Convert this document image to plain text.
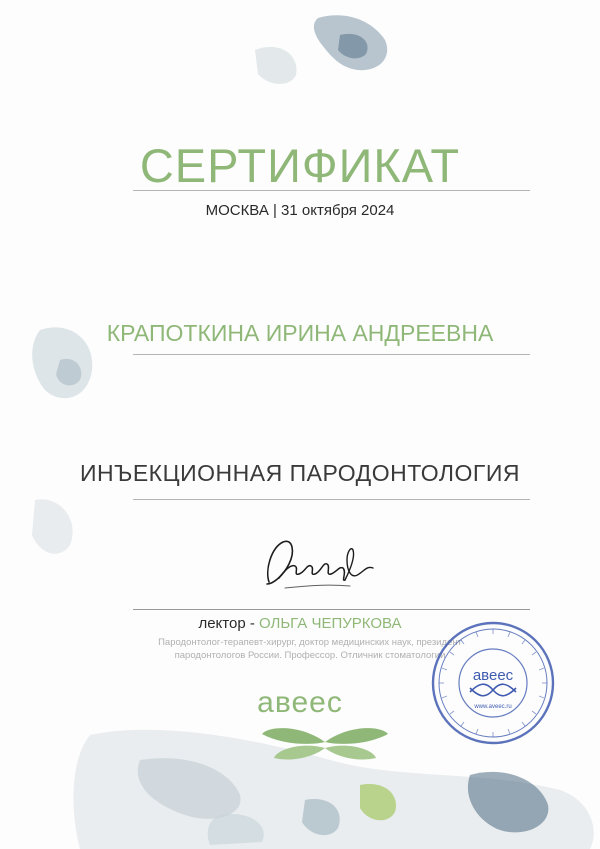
СЕРТИФИКАТ
МОСКВА | 31 октября 2024
КРАПОТКИНА ИРИНА АНДРЕЕВНА
ИНЪЕКЦИОННАЯ ПАРОДОНТОЛОГИЯ
лектор - ОЛЬГА ЧЕПУРКОВА
Пародонтолог-терапевт-хирург, доктор медицинских наук, президент
пародонтологов России. Профессор. Отличник стоматологии
авеес
авеес
www.aveeс.ru
